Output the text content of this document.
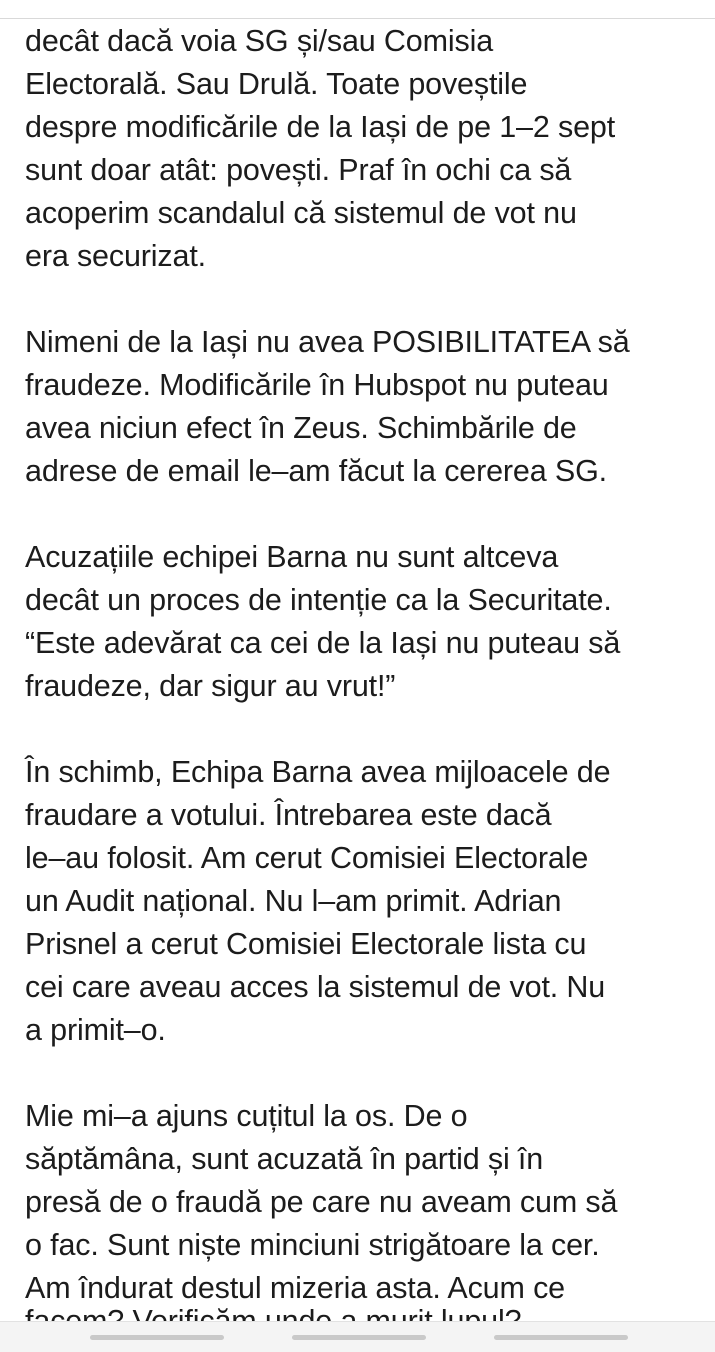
decât dacă voia SG și/sau Comisia
Electorală. Sau Drulă. Toate poveștile
despre modificările de la Iași de pe 1–2 sept
sunt doar atât: povești. Praf în ochi ca să
acoperim scandalul că sistemul de vot nu
era securizat.

Nimeni de la Iași nu avea POSIBILITATEA să
fraudeze. Modificările în Hubspot nu puteau
avea niciun efect în Zeus. Schimbările de
adrese de email le–am făcut la cererea SG.

Acuzațiile echipei Barna nu sunt altceva
decât un proces de intenție ca la Securitate.
“Este adevărat ca cei de la Iași nu puteau să
fraudeze, dar sigur au vrut!”

În schimb, Echipa Barna avea mijloacele de
fraudare a votului. Întrebarea este dacă
le–au folosit. Am cerut Comisiei Electorale
un Audit național. Nu l–am primit. Adrian
Prisnel a cerut Comisiei Electorale lista cu
cei care aveau acces la sistemul de vot. Nu
a primit–o.

Mie mi–a ajuns cuțitul la os. De o
săptămâna, sunt acuzată în partid și în
presă de o fraudă pe care nu aveam cum să
o fac. Sunt niște minciuni strigătoare la cer.
Am îndurat destul mizeria asta. Acum ce
